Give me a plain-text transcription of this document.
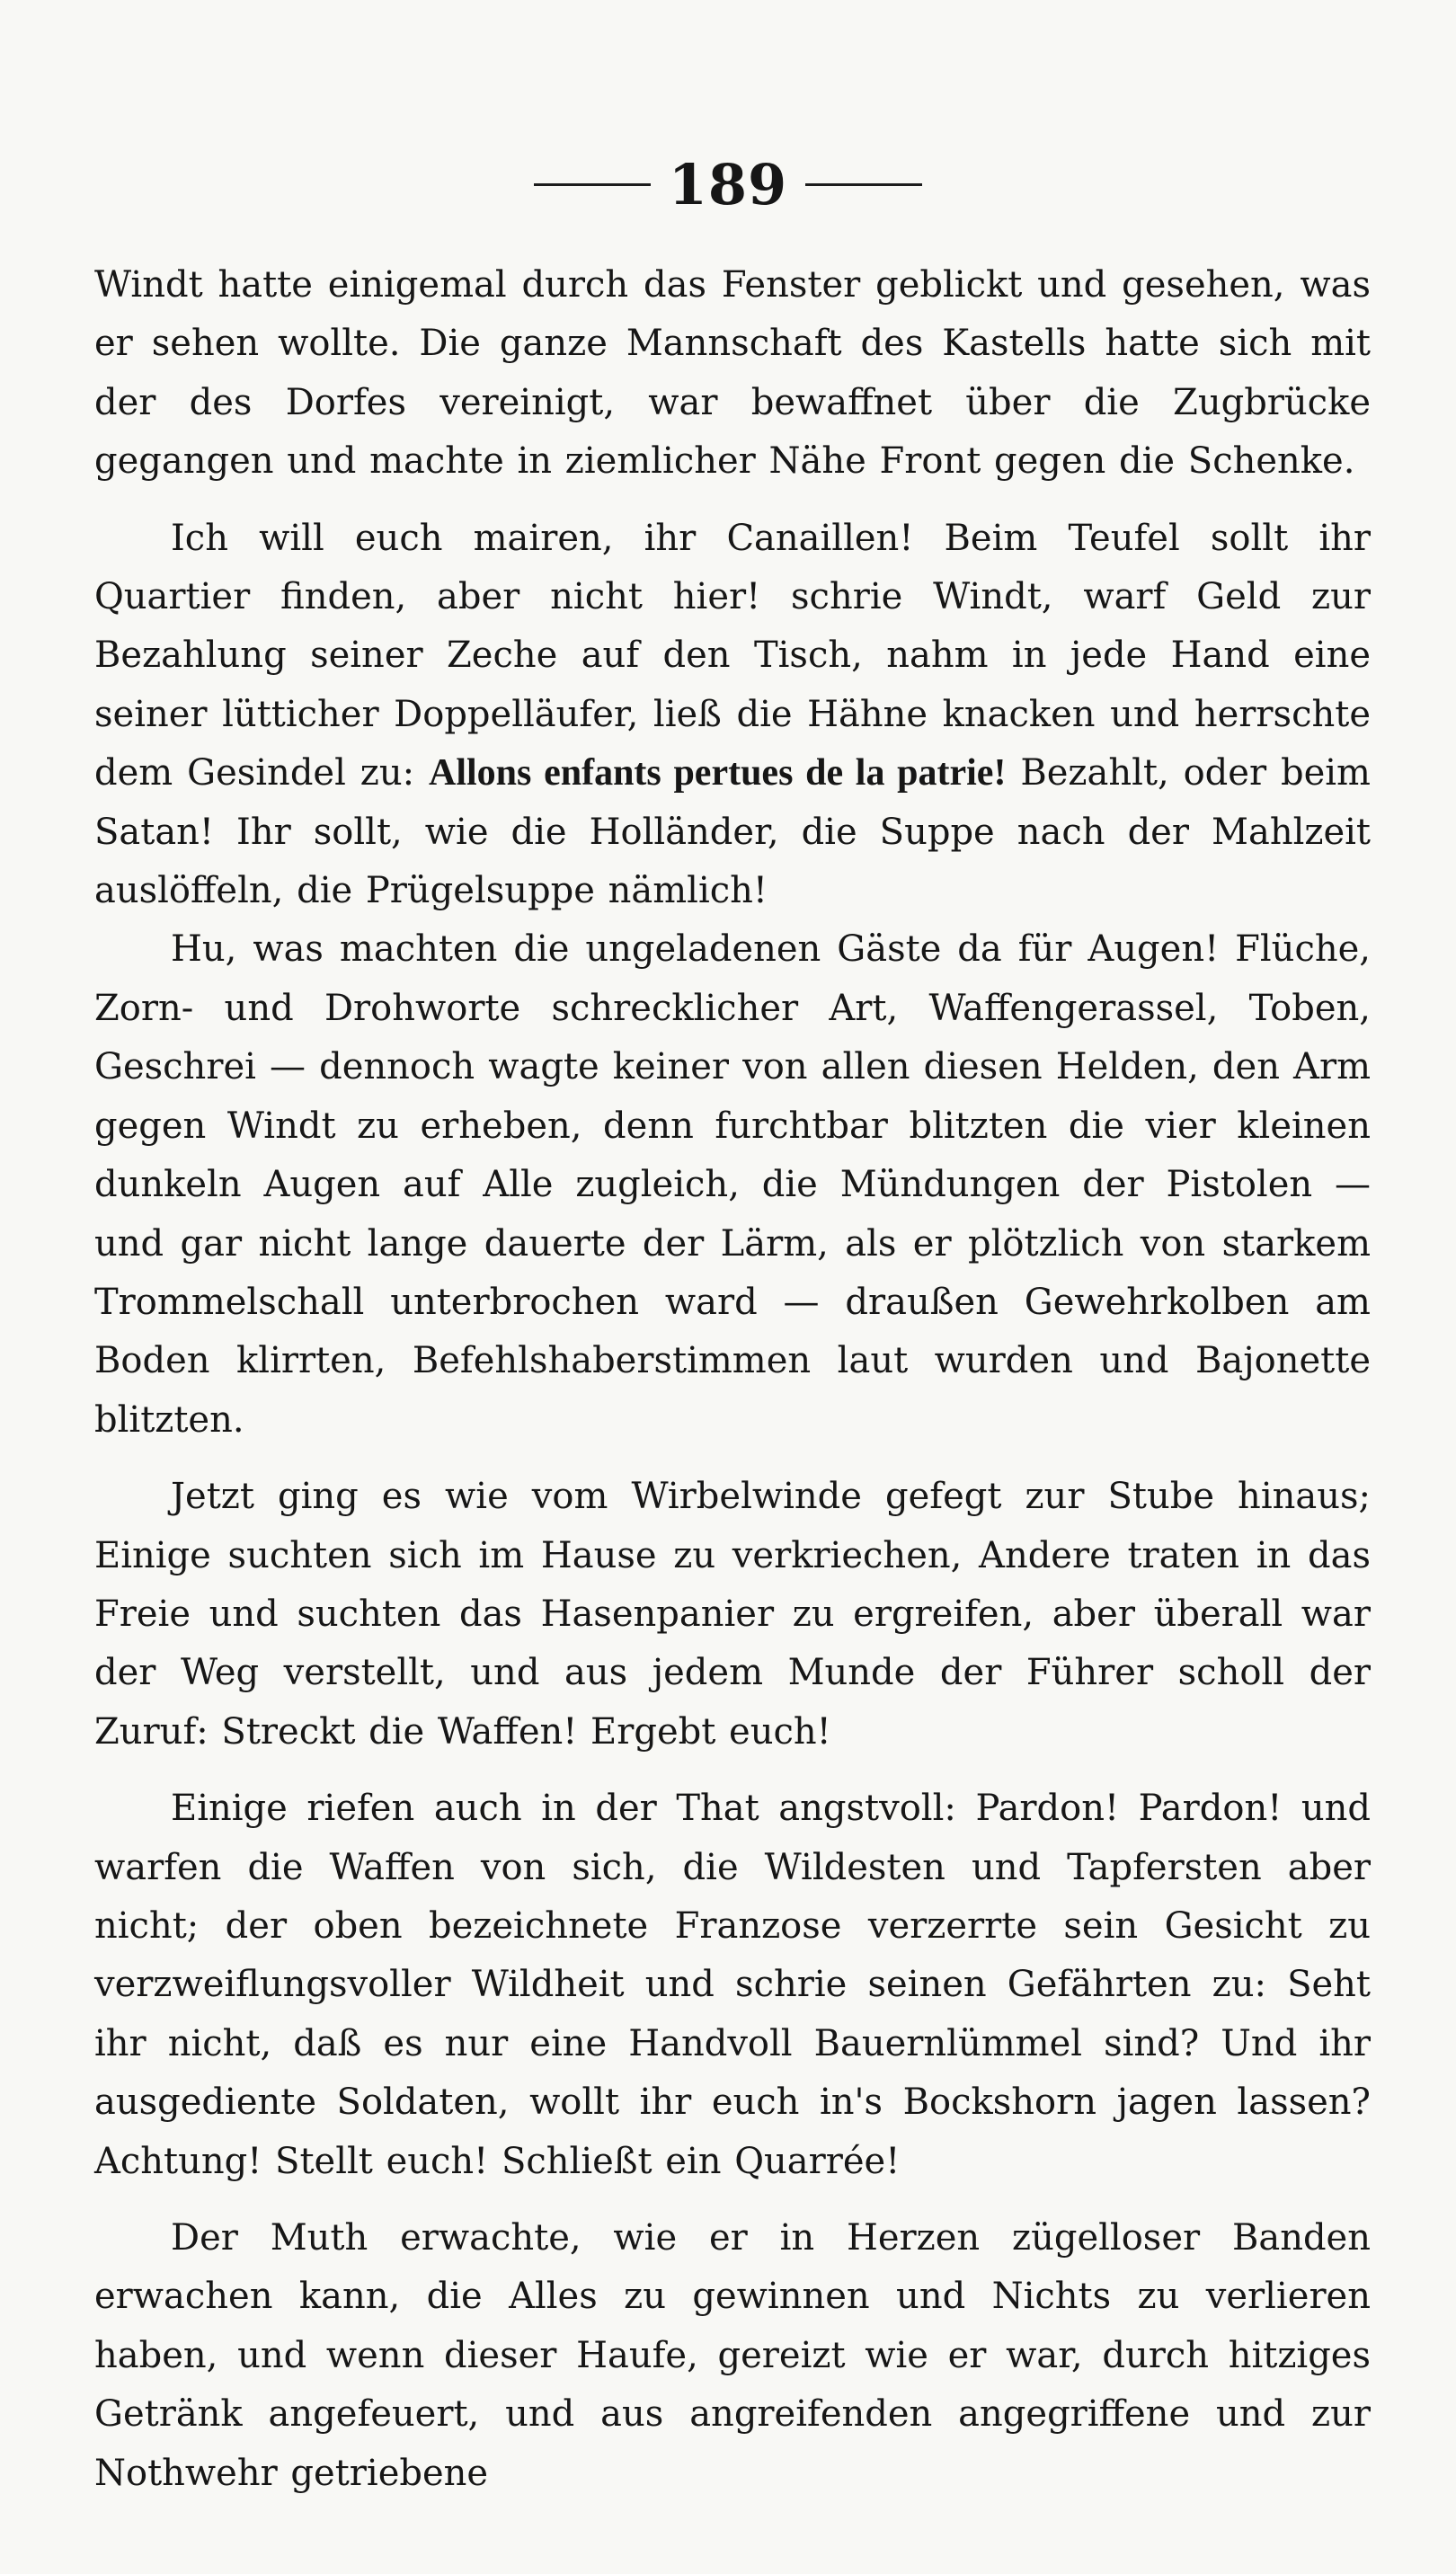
189

Windt hatte einigemal durch das Fenster geblickt und gesehen, was er sehen wollte. Die ganze Mannschaft des Kastells hatte sich mit der des Dorfes vereinigt, war bewaffnet über die Zugbrücke gegangen und machte in ziemlicher Nähe Front gegen die Schenke.

Ich will euch mairen, ihr Canaillen! Beim Teufel sollt ihr Quartier finden, aber nicht hier! schrie Windt, warf Geld zur Bezahlung seiner Zeche auf den Tisch, nahm in jede Hand eine seiner lütticher Doppelläufer, ließ die Hähne knacken und herrschte dem Gesindel zu: Allons enfants pertues de la patrie! Bezahlt, oder beim Satan! Ihr sollt, wie die Holländer, die Suppe nach der Mahlzeit auslöffeln, die Prügelsuppe nämlich!

Hu, was machten die ungeladenen Gäste da für Augen! Flüche, Zorn- und Drohworte schrecklicher Art, Waffengerassel, Toben, Geschrei — dennoch wagte keiner von allen diesen Helden, den Arm gegen Windt zu erheben, denn furchtbar blitzten die vier kleinen dunkeln Augen auf Alle zugleich, die Mündungen der Pistolen — und gar nicht lange dauerte der Lärm, als er plötzlich von starkem Trommelschall unterbrochen ward — draußen Gewehrkolben am Boden klirrten, Befehlshaberstimmen laut wurden und Bajonette blitzten.

Jetzt ging es wie vom Wirbelwinde gefegt zur Stube hinaus; Einige suchten sich im Hause zu verkriechen, Andere traten in das Freie und suchten das Hasenpanier zu ergreifen, aber überall war der Weg verstellt, und aus jedem Munde der Führer scholl der Zuruf: Streckt die Waffen! Ergebt euch!

Einige riefen auch in der That angstvoll: Pardon! Pardon! und warfen die Waffen von sich, die Wildesten und Tapfersten aber nicht; der oben bezeichnete Franzose verzerrte sein Gesicht zu verzweiflungsvoller Wildheit und schrie seinen Gefährten zu: Seht ihr nicht, daß es nur eine Handvoll Bauernlümmel sind? Und ihr ausgediente Soldaten, wollt ihr euch in's Bockshorn jagen lassen? Achtung! Stellt euch! Schließt ein Quarrée!

Der Muth erwachte, wie er in Herzen zügelloser Banden erwachen kann, die Alles zu gewinnen und Nichts zu verlieren haben, und wenn dieser Haufe, gereizt wie er war, durch hitziges Getränk angefeuert, und aus angreifenden angegriffene und zur Nothwehr getriebene
